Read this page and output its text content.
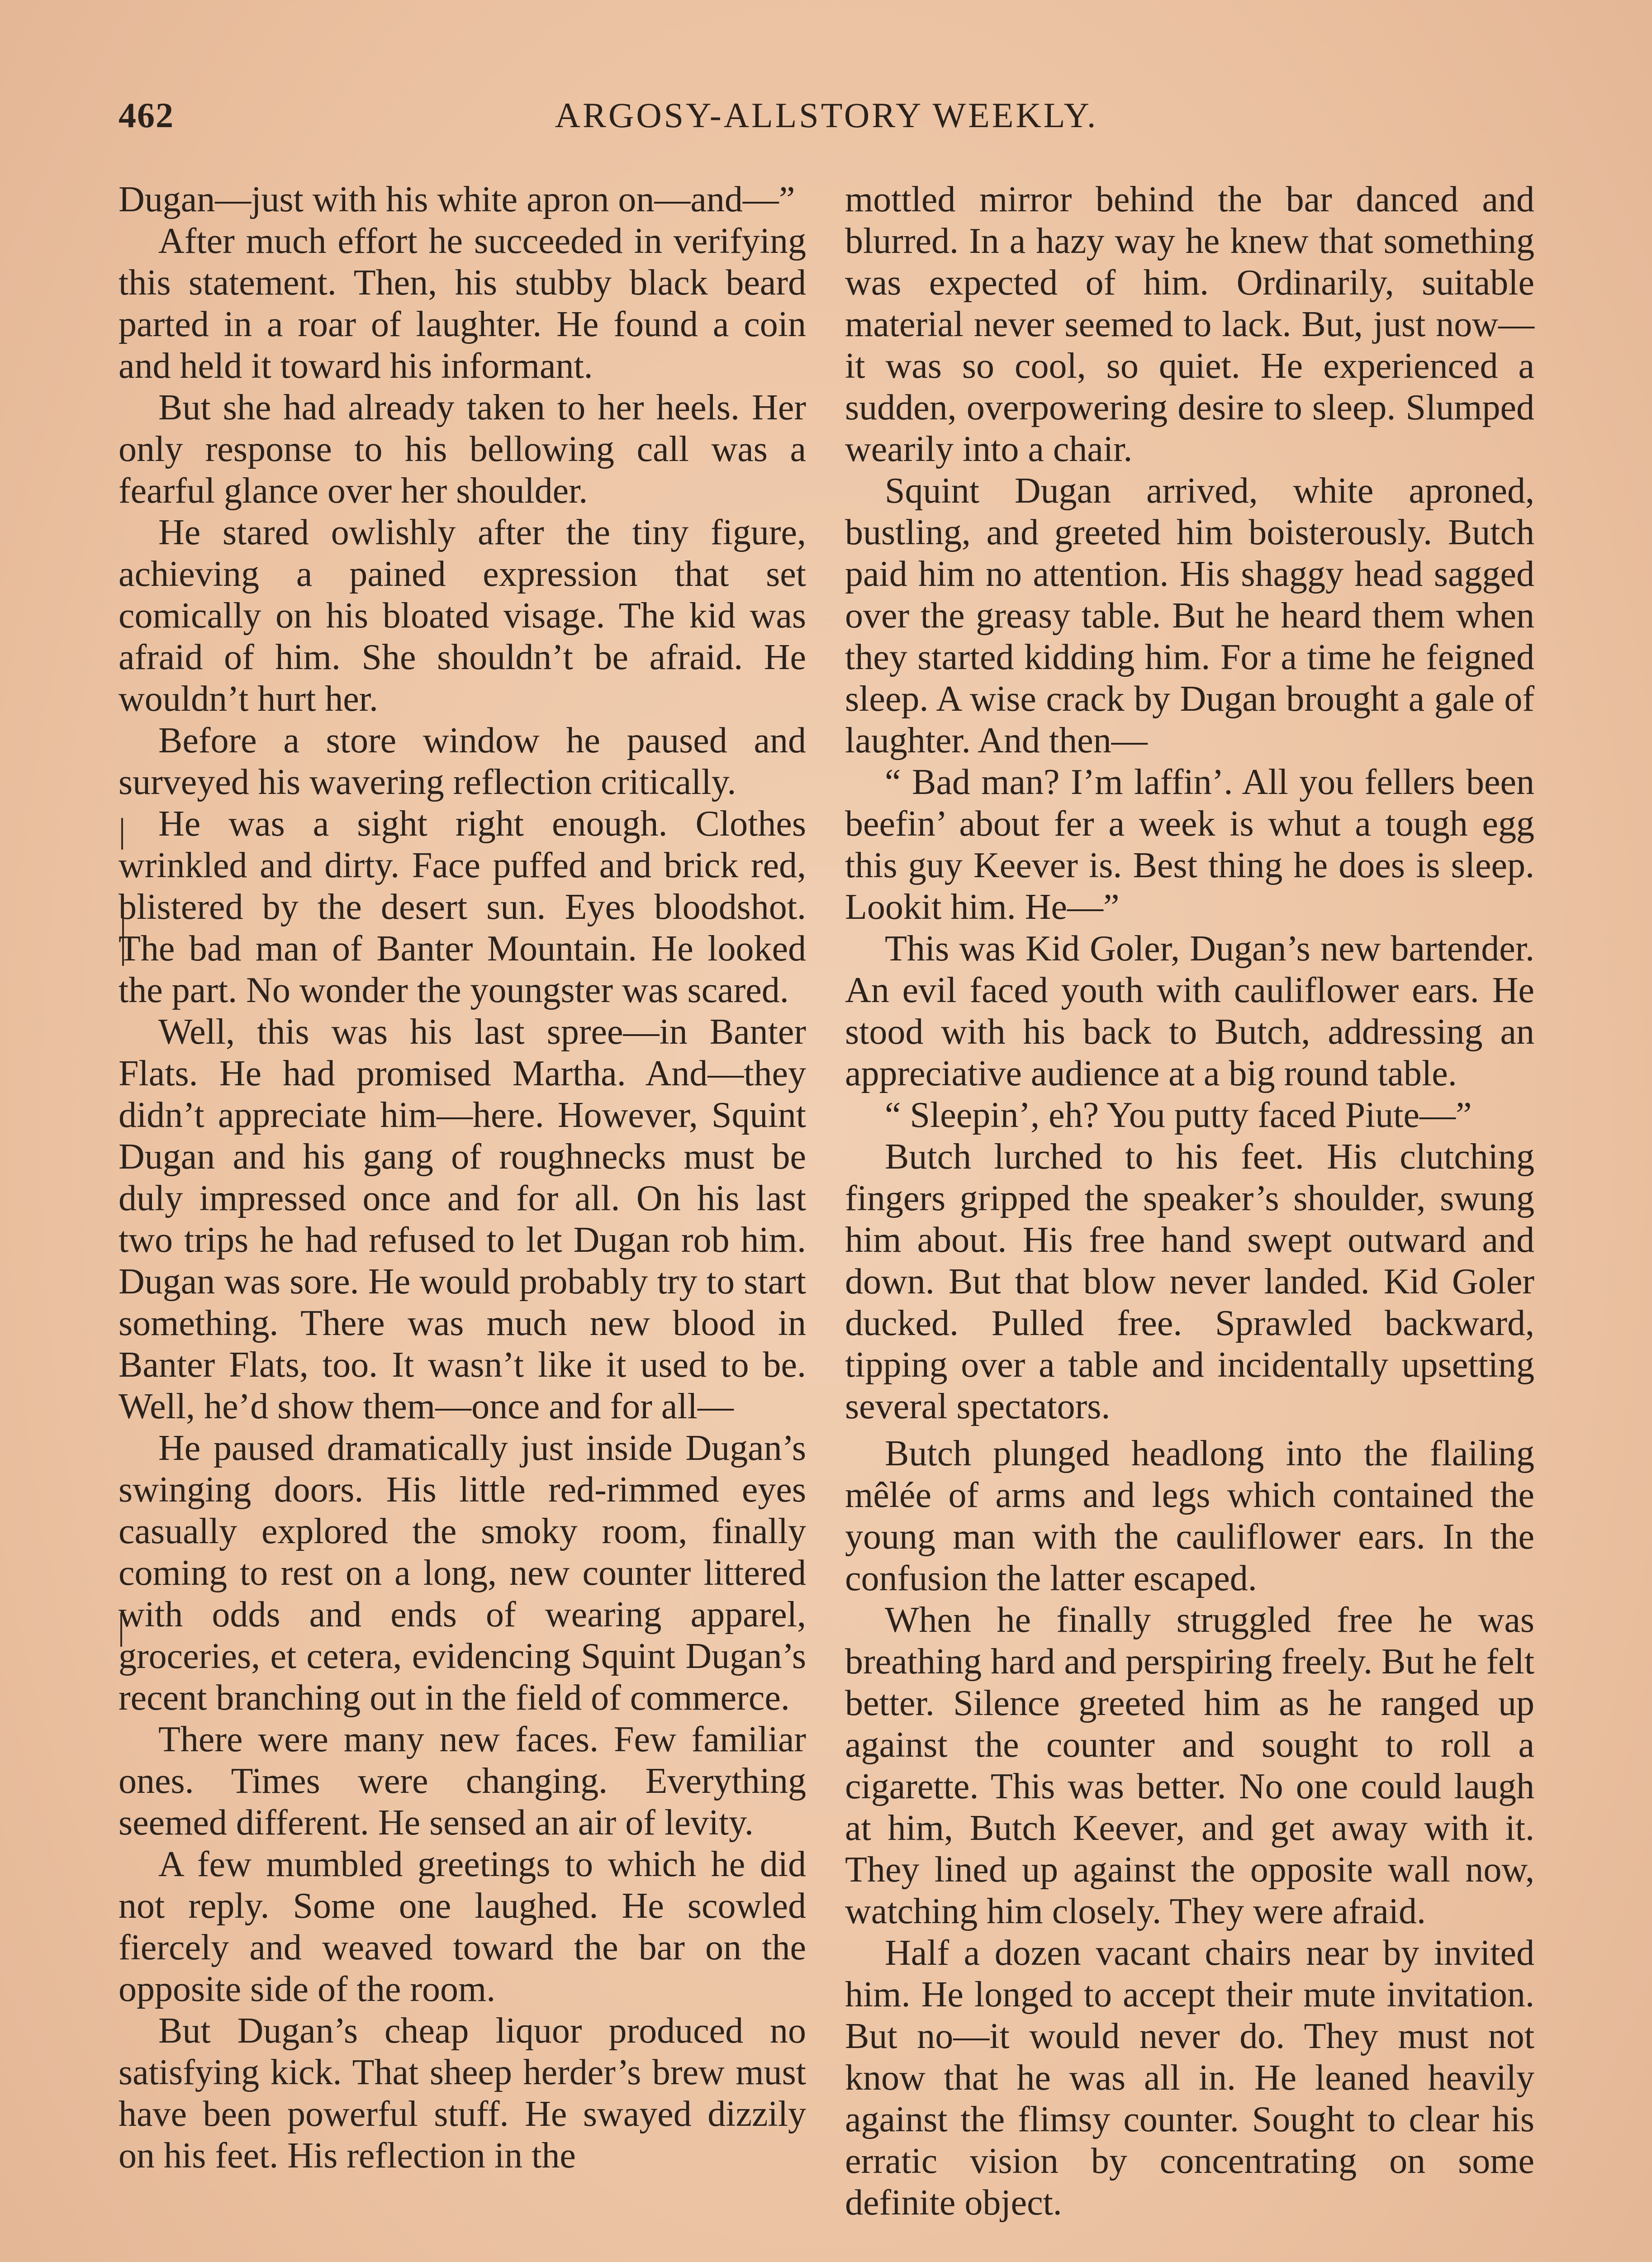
462	ARGOSY-ALLSTORY WEEKLY.

Dugan—just with his white apron on—and—”

After much effort he succeeded in verifying this statement. Then, his stubby black beard parted in a roar of laughter. He found a coin and held it toward his informant.

But she had already taken to her heels. Her only response to his bellowing call was a fearful glance over her shoulder.

He stared owlishly after the tiny figure, achieving a pained expression that set comically on his bloated visage. The kid was afraid of him. She shouldn’t be afraid. He wouldn’t hurt her.

Before a store window he paused and surveyed his wavering reflection critically.

He was a sight right enough. Clothes wrinkled and dirty. Face puffed and brick red, blistered by the desert sun. Eyes bloodshot. The bad man of Banter Mountain. He looked the part. No wonder the youngster was scared.

Well, this was his last spree—in Banter Flats. He had promised Martha. And—they didn’t appreciate him—here. However, Squint Dugan and his gang of roughnecks must be duly impressed once and for all. On his last two trips he had refused to let Dugan rob him. Dugan was sore. He would probably try to start something. There was much new blood in Banter Flats, too. It wasn’t like it used to be. Well, he’d show them—once and for all—

He paused dramatically just inside Dugan’s swinging doors. His little red-rimmed eyes casually explored the smoky room, finally coming to rest on a long, new counter littered with odds and ends of wearing apparel, groceries, et cetera, evidencing Squint Dugan’s recent branching out in the field of commerce.

There were many new faces. Few familiar ones. Times were changing. Everything seemed different. He sensed an air of levity.

A few mumbled greetings to which he did not reply. Some one laughed. He scowled fiercely and weaved toward the bar on the opposite side of the room.

But Dugan’s cheap liquor produced no satisfying kick. That sheep herder’s brew must have been powerful stuff. He swayed dizzily on his feet. His reflection in the

mottled mirror behind the bar danced and blurred. In a hazy way he knew that something was expected of him. Ordinarily, suitable material never seemed to lack. But, just now—it was so cool, so quiet. He experienced a sudden, overpowering desire to sleep. Slumped wearily into a chair.

Squint Dugan arrived, white aproned, bustling, and greeted him boisterously. Butch paid him no attention. His shaggy head sagged over the greasy table. But he heard them when they started kidding him. For a time he feigned sleep. A wise crack by Dugan brought a gale of laughter. And then—

“ Bad man? I’m laffin’. All you fellers been beefin’ about fer a week is whut a tough egg this guy Keever is. Best thing he does is sleep. Lookit him. He—”

This was Kid Goler, Dugan’s new bartender. An evil faced youth with cauliflower ears. He stood with his back to Butch, addressing an appreciative audience at a big round table.

“ Sleepin’, eh? You putty faced Piute—”

Butch lurched to his feet. His clutching fingers gripped the speaker’s shoulder, swung him about. His free hand swept outward and down. But that blow never landed. Kid Goler ducked. Pulled free. Sprawled backward, tipping over a table and incidentally upsetting several spectators.

Butch plunged headlong into the flailing mêlée of arms and legs which contained the young man with the cauliflower ears. In the confusion the latter escaped.

When he finally struggled free he was breathing hard and perspiring freely. But he felt better. Silence greeted him as he ranged up against the counter and sought to roll a cigarette. This was better. No one could laugh at him, Butch Keever, and get away with it. They lined up against the opposite wall now, watching him closely. They were afraid.

Half a dozen vacant chairs near by invited him. He longed to accept their mute invitation. But no—it would never do. They must not know that he was all in. He leaned heavily against the flimsy counter. Sought to clear his erratic vision by concentrating on some definite object.
